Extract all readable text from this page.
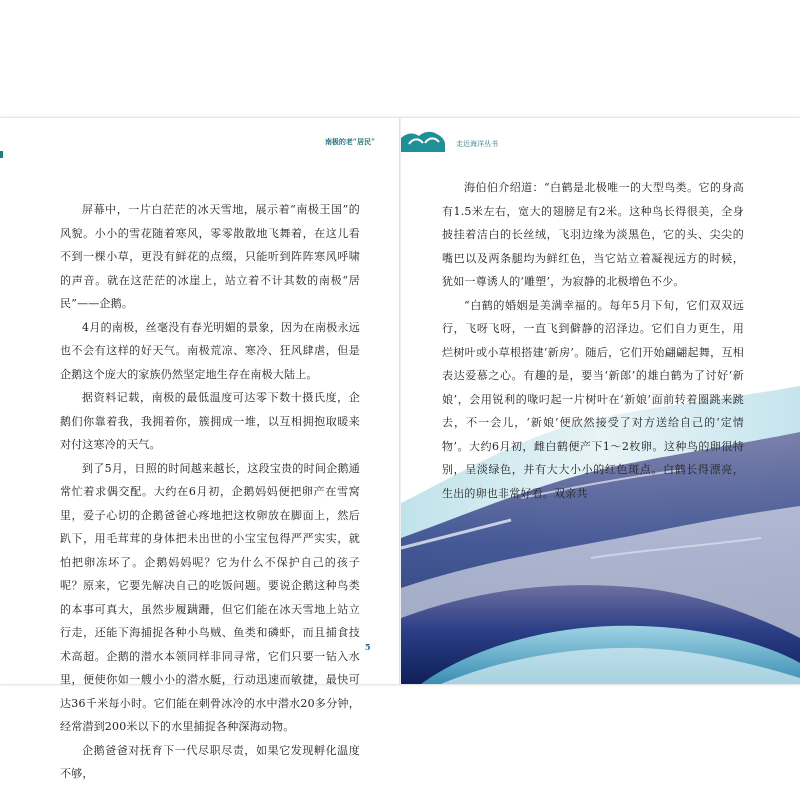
南极的老“居民”

屏幕中，一片白茫茫的冰天雪地，展示着“南极王国”的风貌。小小的雪花随着寒风，零零散散地飞舞着，在这儿看不到一棵小草，更没有鲜花的点缀，只能听到阵阵寒风呼啸的声音。就在这茫茫的冰崖上，站立着不计其数的南极“居民”——企鹅。

4月的南极，丝毫没有春光明媚的景象，因为在南极永远也不会有这样的好天气。南极荒凉、寒冷、狂风肆虐，但是企鹅这个庞大的家族仍然坚定地生存在南极大陆上。

据资料记载，南极的最低温度可达零下数十摄氏度，企鹅们你靠着我，我拥着你，簇拥成一堆，以互相拥抱取暖来对付这寒冷的天气。

到了5月，日照的时间越来越长，这段宝贵的时间企鹅通常忙着求偶交配。大约在6月初，企鹅妈妈便把卵产在雪窝里，爱子心切的企鹅爸爸心疼地把这枚卵放在脚面上，然后趴下，用毛茸茸的身体把未出世的小宝宝包得严严实实，就怕把卵冻坏了。企鹅妈妈呢？它为什么不保护自己的孩子呢？原来，它要先解决自己的吃饭问题。要说企鹅这种鸟类的本事可真大，虽然步履蹒跚，但它们能在冰天雪地上站立行走，还能下海捕捉各种小鸟贼、鱼类和磷虾，而且捕食技术高超。企鹅的潜水本领同样非同寻常，它们只要一钻入水里，便使你如一艘小小的潜水艇，行动迅速而敏捷，最快可达36千米每小时。它们能在刺骨冰冷的水中潜水20多分钟，经常潜到200米以下的水里捕捉各种深海动物。

企鹅爸爸对抚育下一代尽职尽责，如果它发现孵化温度不够，

5
走近海洋丛书

海伯伯介绍道：“白鹤是北极唯一的大型鸟类。它的身高有1.5米左右，宽大的翅膀足有2米。这种鸟长得很美，全身披挂着洁白的长丝绒，飞羽边缘为淡黑色，它的头、尖尖的嘴巴以及两条腿均为鲜红色，当它站立着凝视远方的时候，犹如一尊诱人的‘雕塑’，为寂静的北极增色不少。

“白鹤的婚姻是美满幸福的。每年5月下旬，它们双双远行，飞呀飞呀，一直飞到僻静的沼泽边。它们自力更生，用烂树叶或小草根搭建‘新房’。随后，它们开始翩翩起舞，互相表达爱慕之心。有趣的是，要当‘新郎’的雄白鹤为了讨好‘新娘’，会用锐利的喙叼起一片树叶在‘新娘’面前转着圈跳来跳去，不一会儿，‘新娘’便欣然接受了对方送给自己的‘定情物’。大约6月初，雌白鹤便产下1～2枚卵。这种鸟的卵很特别，呈淡绿色，并有大大小小的红色斑点。白鹤长得漂亮，生出的卵也非常好看。双亲共
